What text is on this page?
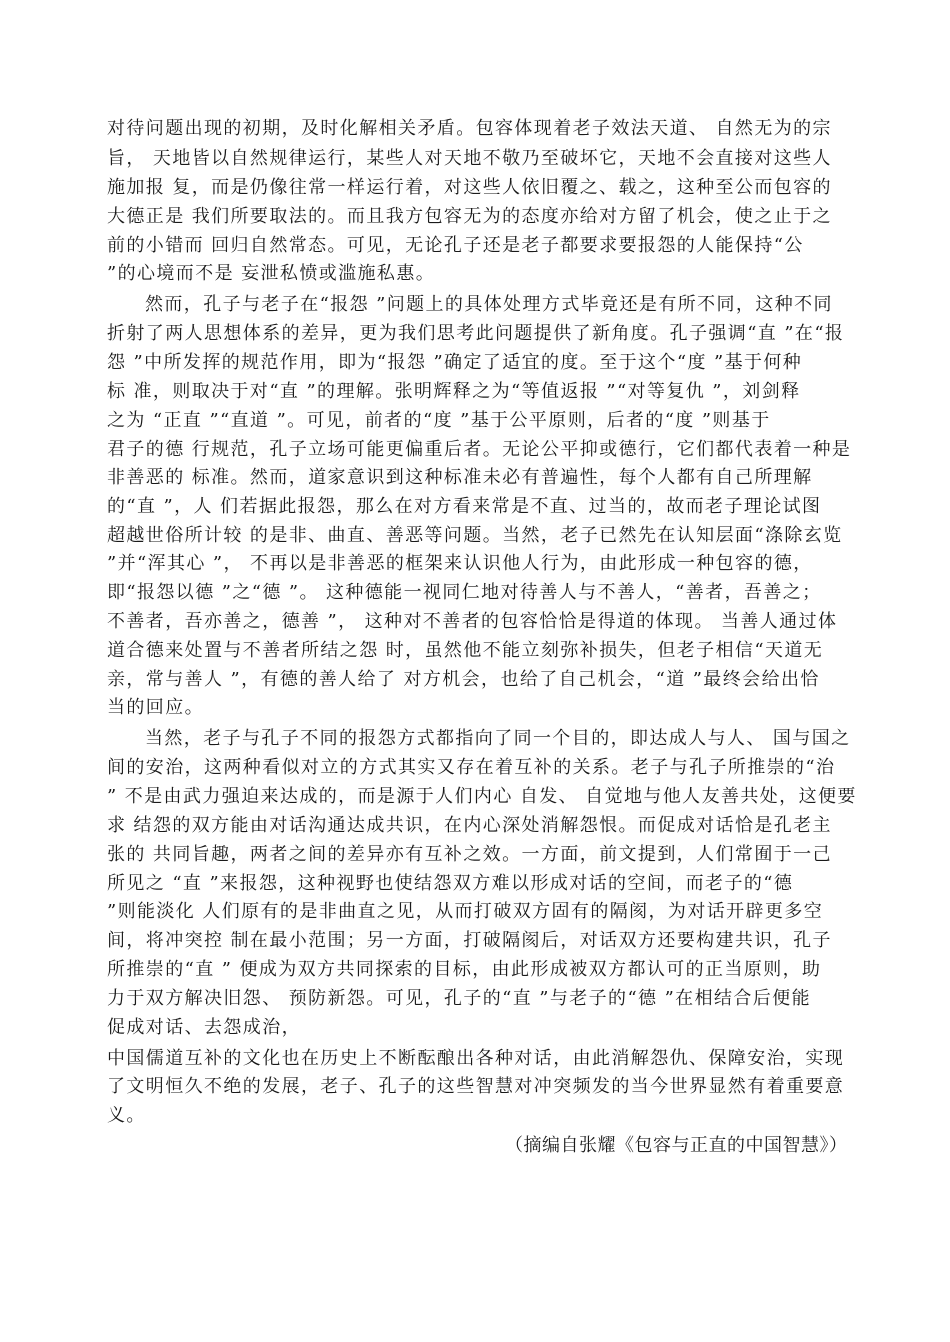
对待问题出现的初期，及时化解相关矛盾。包容体现着老子效法天道、 自然无为的宗
旨， 天地皆以自然规律运行，某些人对天地不敬乃至破坏它，天地不会直接对这些人
施加报 复，而是仍像往常一样运行着，对这些人依旧覆之、载之，这种至公而包容的
大德正是 我们所要取法的。而且我方包容无为的态度亦给对方留了机会，使之止于之
前的小错而 回归自然常态。可见，无论孔子还是老子都要求要报怨的人能保持“公
”的心境而不是 妄泄私愤或滥施私惠。
然而，孔子与老子在“报怨 ”问题上的具体处理方式毕竟还是有所不同，这种不同
折射了两人思想体系的差异，更为我们思考此问题提供了新角度。孔子强调“直 ”在“报
怨 ”中所发挥的规范作用，即为“报怨 ”确定了适宜的度。至于这个“度 ”基于何种
标 准，则取决于对“直 ”的理解。张明辉释之为“等值返报 ”“对等复仇 ”，刘剑释
之为 “正直 ”“直道 ”。可见，前者的“度 ”基于公平原则，后者的“度 ”则基于
君子的德 行规范，孔子立场可能更偏重后者。无论公平抑或德行，它们都代表着一种是
非善恶的 标准。然而，道家意识到这种标准未必有普遍性，每个人都有自己所理解
的“直 ”，人 们若据此报怨，那么在对方看来常是不直、过当的，故而老子理论试图
超越世俗所计较 的是非、曲直、善恶等问题。当然，老子已然先在认知层面“涤除玄览
”并“浑其心 ”， 不再以是非善恶的框架来认识他人行为，由此形成一种包容的德，
即“报怨以德 ”之“德 ”。 这种德能一视同仁地对待善人与不善人，“善者，吾善之；
不善者，吾亦善之，德善 ”， 这种对不善者的包容恰恰是得道的体现。 当善人通过体
道合德来处置与不善者所结之怨 时，虽然他不能立刻弥补损失，但老子相信“天道无
亲，常与善人 ”，有德的善人给了 对方机会，也给了自己机会，“道 ”最终会给出恰
当的回应。
当然，老子与孔子不同的报怨方式都指向了同一个目的，即达成人与人、 国与国之
间的安治，这两种看似对立的方式其实又存在着互补的关系。老子与孔子所推崇的“治
” 不是由武力强迫来达成的，而是源于人们内心 自发、 自觉地与他人友善共处，这便要
求 结怨的双方能由对话沟通达成共识，在内心深处消解怨恨。而促成对话恰是孔老主
张的 共同旨趣，两者之间的差异亦有互补之效。一方面，前文提到，人们常囿于一己
所见之 “直 ”来报怨，这种视野也使结怨双方难以形成对话的空间，而老子的“德
”则能淡化 人们原有的是非曲直之见，从而打破双方固有的隔阂，为对话开辟更多空
间，将冲突控 制在最小范围；另一方面，打破隔阂后，对话双方还要构建共识，孔子
所推崇的“直 ” 便成为双方共同探索的目标，由此形成被双方都认可的正当原则，助
力于双方解决旧怨、 预防新怨。可见，孔子的“直 ”与老子的“德 ”在相结合后便能
促成对话、去怨成治，
中国儒道互补的文化也在历史上不断酝酿出各种对话，由此消解怨仇、保障安治，实现
了文明恒久不绝的发展，老子、孔子的这些智慧对冲突频发的当今世界显然有着重要意
义。
（摘编自张耀《包容与正直的中国智慧》）
